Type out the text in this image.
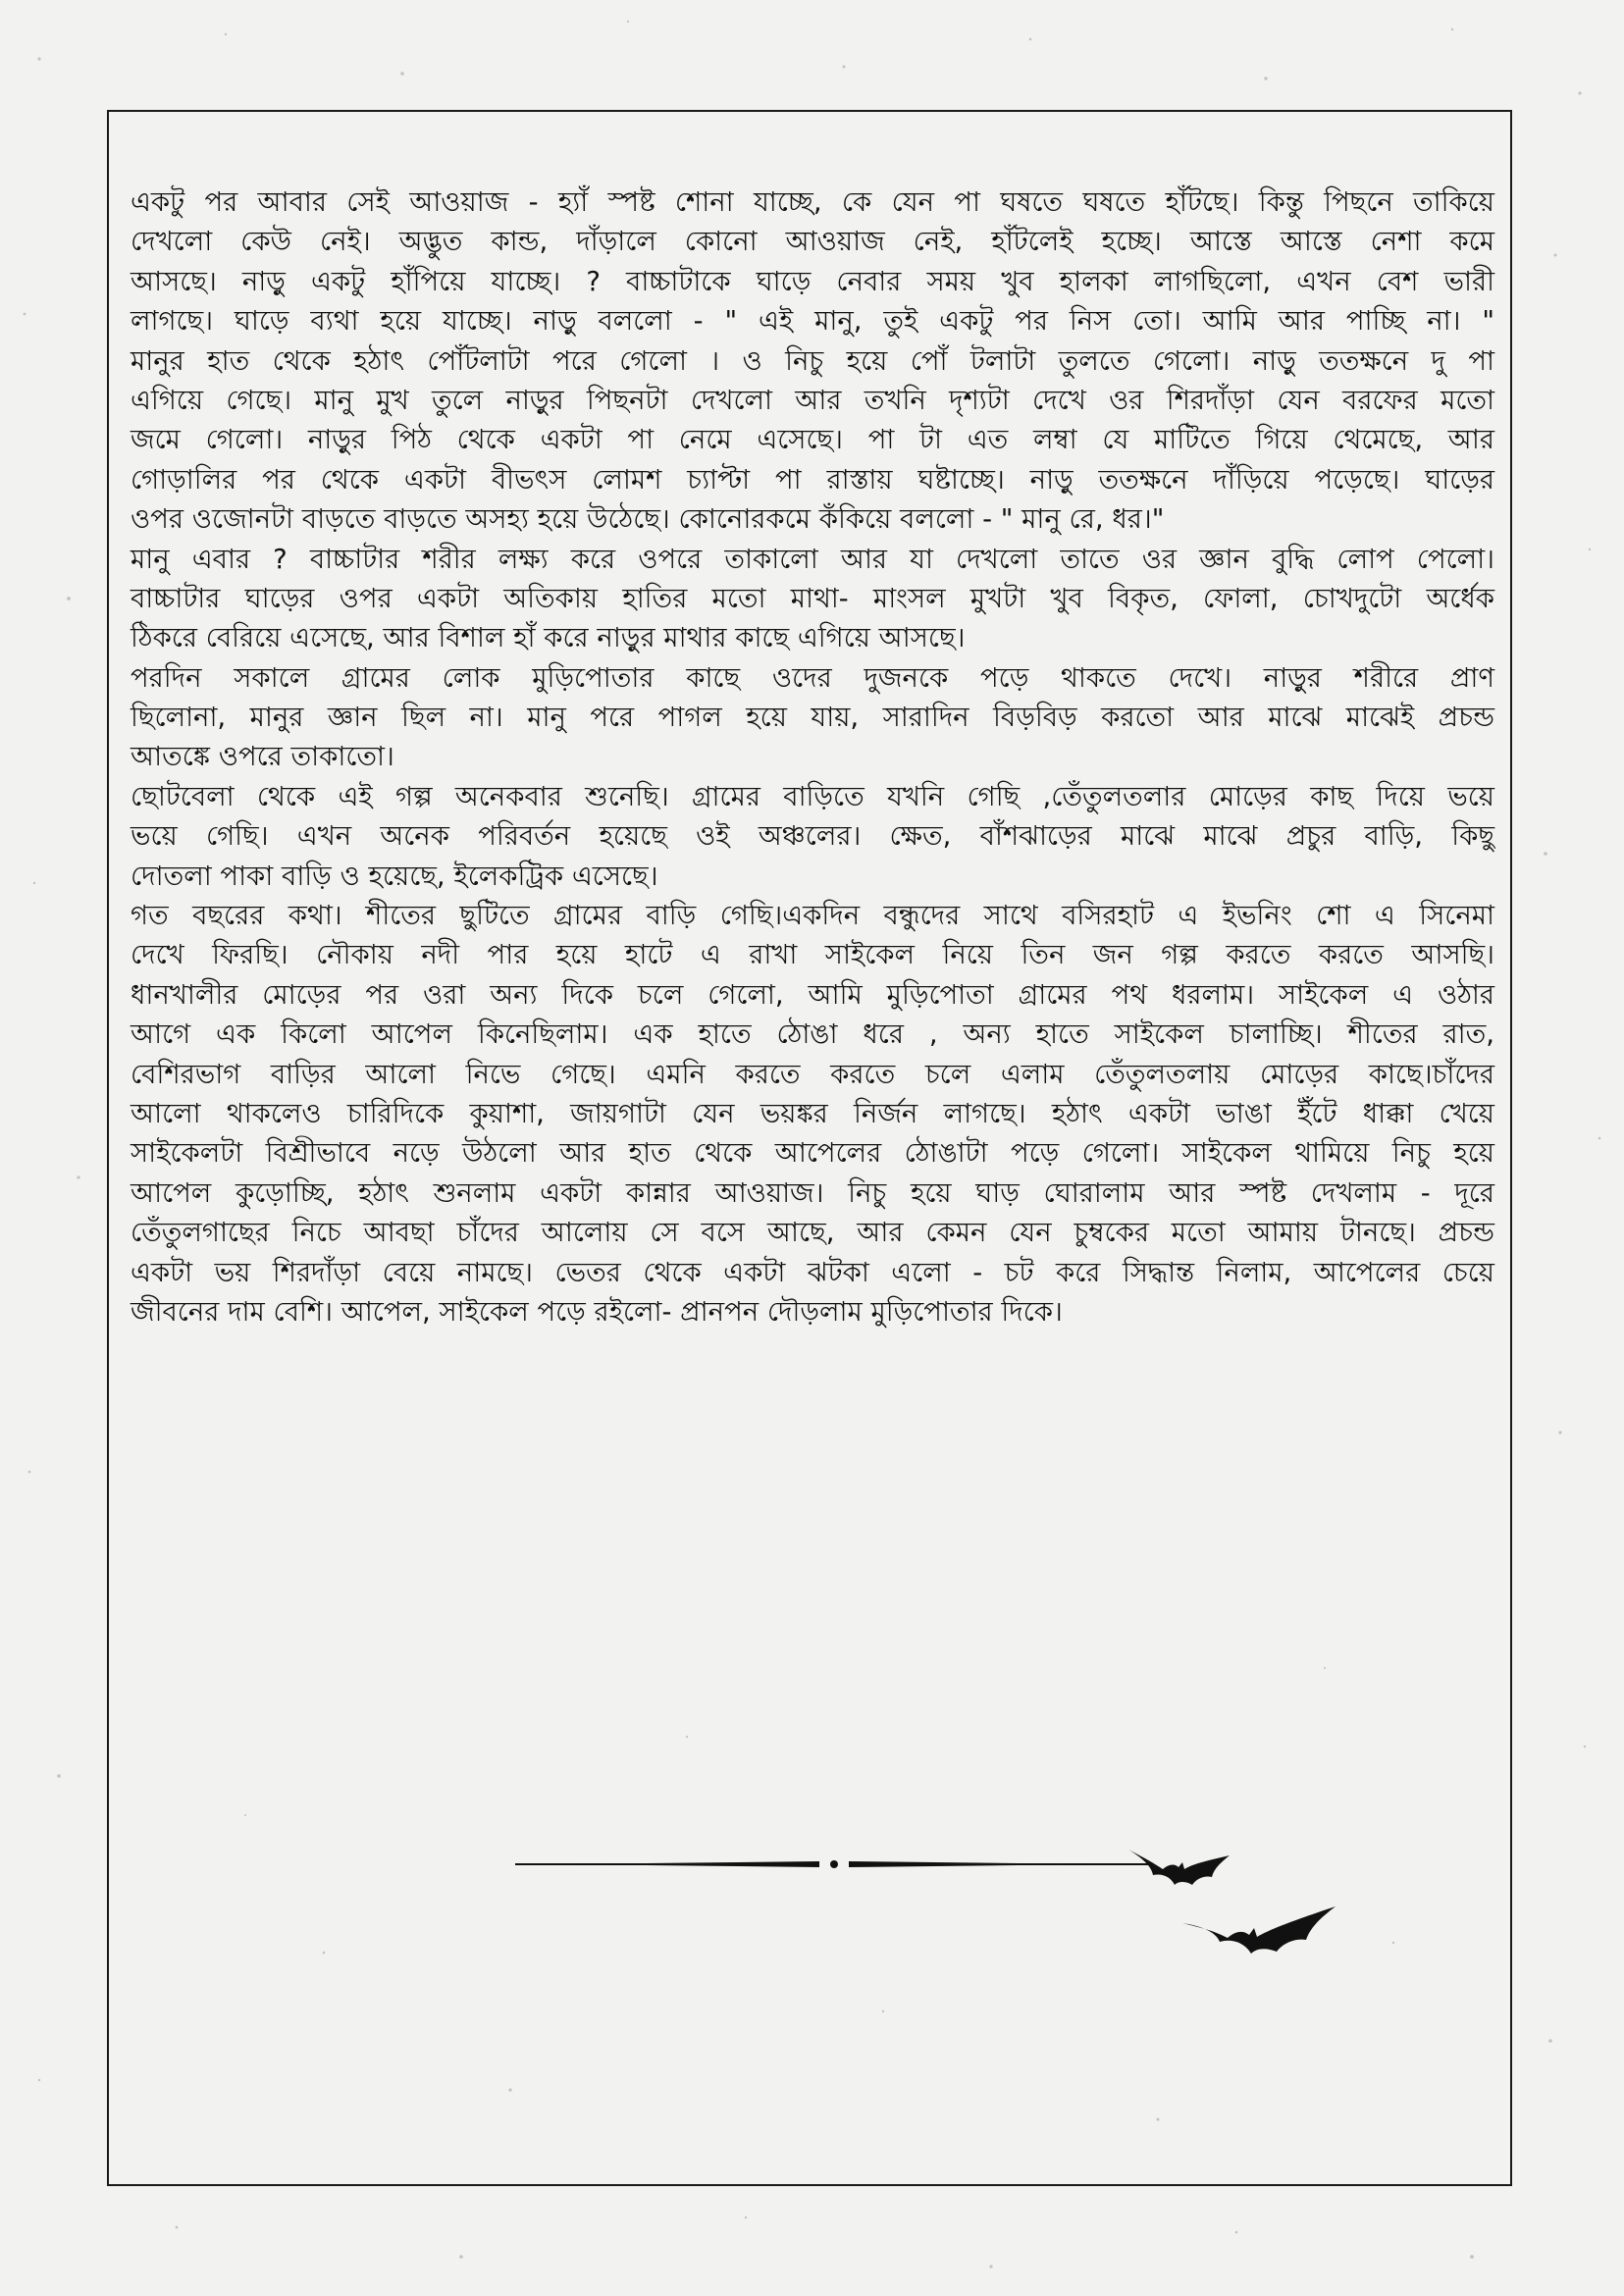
একটু পর আবার সেই আওয়াজ - হ্যাঁ স্পষ্ট শোনা যাচ্ছে, কে যেন পা ঘষতে ঘষতে হাঁটছে। কিন্তু পিছনে তাকিয়ে
দেখলো কেউ নেই। অদ্ভুত কান্ড, দাঁড়ালে কোনো আওয়াজ নেই, হাঁটলেই হচ্ছে। আস্তে আস্তে নেশা কমে
আসছে। নাড়ু একটু হাঁপিয়ে যাচ্ছে। ? বাচ্চাটাকে ঘাড়ে নেবার সময় খুব হালকা লাগছিলো, এখন বেশ ভারী
লাগছে। ঘাড়ে ব্যথা হয়ে যাচ্ছে। নাড়ু বললো - " এই মানু, তুই একটু পর নিস তো। আমি আর পাচ্ছি না। "
মানুর হাত থেকে হঠাৎ পোঁটলাটা পরে গেলো । ও নিচু হয়ে পোঁ টলাটা তুলতে গেলো। নাড়ু ততক্ষনে দু পা
এগিয়ে গেছে। মানু মুখ তুলে নাড়ুর পিছনটা দেখলো আর তখনি দৃশ্যটা দেখে ওর শিরদাঁড়া যেন বরফের মতো
জমে গেলো। নাড়ুর পিঠ থেকে একটা পা নেমে এসেছে। পা টা এত লম্বা যে মাটিতে গিয়ে থেমেছে, আর
গোড়ালির পর থেকে একটা বীভৎস লোমশ চ্যাপ্টা পা রাস্তায় ঘষ্টাচ্ছে। নাড়ু ততক্ষনে দাঁড়িয়ে পড়েছে। ঘাড়ের
ওপর ওজোনটা বাড়তে বাড়তে অসহ্য হয়ে উঠেছে। কোনোরকমে কঁকিয়ে বললো - " মানু রে, ধর।"
মানু এবার ? বাচ্চাটার শরীর লক্ষ্য করে ওপরে তাকালো আর যা দেখলো তাতে ওর জ্ঞান বুদ্ধি লোপ পেলো।
বাচ্চাটার ঘাড়ের ওপর একটা অতিকায় হাতির মতো মাথা- মাংসল মুখটা খুব বিকৃত, ফোলা, চোখদুটো অর্ধেক
ঠিকরে বেরিয়ে এসেছে, আর বিশাল হাঁ করে নাড়ুর মাথার কাছে এগিয়ে আসছে।
পরদিন সকালে গ্রামের লোক মুড়িপোতার কাছে ওদের দুজনকে পড়ে থাকতে দেখে। নাড়ুর শরীরে প্রাণ
ছিলোনা, মানুর জ্ঞান ছিল না। মানু পরে পাগল হয়ে যায়, সারাদিন বিড়বিড় করতো আর মাঝে মাঝেই প্রচন্ড
আতঙ্কে ওপরে তাকাতো।
ছোটবেলা থেকে এই গল্প অনেকবার শুনেছি। গ্রামের বাড়িতে যখনি গেছি ,তেঁতুলতলার মোড়ের কাছ দিয়ে ভয়ে
ভয়ে গেছি। এখন অনেক পরিবর্তন হয়েছে ওই অঞ্চলের। ক্ষেত, বাঁশঝাড়ের মাঝে মাঝে প্রচুর বাড়ি, কিছু
দোতলা পাকা বাড়ি ও হয়েছে, ইলেকট্রিক এসেছে।
গত বছরের কথা। শীতের ছুটিতে গ্রামের বাড়ি গেছি।একদিন বন্ধুদের সাথে বসিরহাট এ ইভনিং শো এ সিনেমা
দেখে ফিরছি। নৌকায় নদী পার হয়ে হাটে এ রাখা সাইকেল নিয়ে তিন জন গল্প করতে করতে আসছি।
ধানখালীর মোড়ের পর ওরা অন্য দিকে চলে গেলো, আমি মুড়িপোতা গ্রামের পথ ধরলাম। সাইকেল এ ওঠার
আগে এক কিলো আপেল কিনেছিলাম। এক হাতে ঠোঙা ধরে , অন্য হাতে সাইকেল চালাচ্ছি। শীতের রাত,
বেশিরভাগ বাড়ির আলো নিভে গেছে। এমনি করতে করতে চলে এলাম তেঁতুলতলায় মোড়ের কাছে।চাঁদের
আলো থাকলেও চারিদিকে কুয়াশা, জায়গাটা যেন ভয়ঙ্কর নির্জন লাগছে। হঠাৎ একটা ভাঙা ইঁটে ধাক্কা খেয়ে
সাইকেলটা বিশ্রীভাবে নড়ে উঠলো আর হাত থেকে আপেলের ঠোঙাটা পড়ে গেলো। সাইকেল থামিয়ে নিচু হয়ে
আপেল কুড়োচ্ছি, হঠাৎ শুনলাম একটা কান্নার আওয়াজ। নিচু হয়ে ঘাড় ঘোরালাম আর স্পষ্ট দেখলাম - দূরে
তেঁতুলগাছের নিচে আবছা চাঁদের আলোয় সে বসে আছে, আর কেমন যেন চুম্বকের মতো আমায় টানছে। প্রচন্ড
একটা ভয় শিরদাঁড়া বেয়ে নামছে। ভেতর থেকে একটা ঝটকা এলো - চট করে সিদ্ধান্ত নিলাম, আপেলের চেয়ে
জীবনের দাম বেশি। আপেল, সাইকেল পড়ে রইলো- প্রানপন দৌড়লাম মুড়িপোতার দিকে।
